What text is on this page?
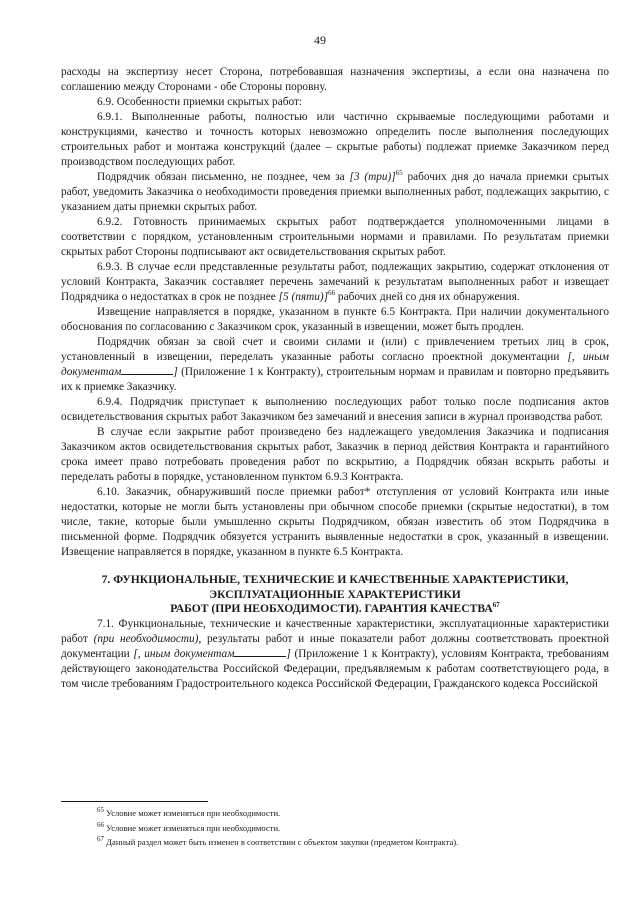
49

расходы на экспертизу несет Сторона, потребовавшая назначения экспертизы, а если она назначена по соглашению между Сторонами - обе Стороны поровну.

6.9. Особенности приемки скрытых работ:

6.9.1. Выполненные работы, полностью или частично скрываемые последующими работами и конструкциями, качество и точность которых невозможно определить после выполнения последующих строительных работ и монтажа конструкций (далее – скрытые работы) подлежат приемке Заказчиком перед производством последующих работ.

Подрядчик обязан письменно, не позднее, чем за [3 (три)]$^{65}$ рабочих дня до начала приемки срытых работ, уведомить Заказчика о необходимости проведения приемки выполненных работ, подлежащих закрытию, с указанием даты приемки скрытых работ.

6.9.2. Готовность принимаемых скрытых работ подтверждается уполномоченными лицами в соответствии с порядком, установленным строительными нормами и правилами. По результатам приемки скрытых работ Стороны подписывают акт освидетельствования скрытых работ.

6.9.3. В случае если представленные результаты работ, подлежащих закрытию, содержат отклонения от условий Контракта, Заказчик составляет перечень замечаний к результатам выполненных работ и извещает Подрядчика о недостатках в срок не позднее [5 (пяти)]$^{66}$ рабочих дней со дня их обнаружения.

Извещение направляется в порядке, указанном в пункте 6.5 Контракта. При наличии документального обоснования по согласованию с Заказчиком срок, указанный в извещении, может быть продлен.

Подрядчик обязан за свой счет и своими силами и (или) с привлечением третьих лиц в срок, установленный в извещении, переделать указанные работы согласно проектной документации [, иным документам	] (Приложение 1 к Контракту), строительным нормам и правилам и повторно предъявить их к приемке Заказчику.

6.9.4. Подрядчик приступает к выполнению последующих работ только после подписания актов освидетельствования скрытых работ Заказчиком без замечаний и внесения записи в журнал производства работ.

В случае если закрытие работ произведено без надлежащего уведомления Заказчика и подписания Заказчиком актов освидетельствования скрытых работ, Заказчик в период действия Контракта и гарантийного срока имеет право потребовать проведения работ по вскрытию, а Подрядчик обязан вскрыть работы и переделать работы в порядке, установленном пунктом 6.9.3 Контракта.

6.10. Заказчик, обнаруживший после приемки работ* отступления от условий Контракта или иные недостатки, которые не могли быть установлены при обычном способе приемки (скрытые недостатки), в том числе, такие, которые были умышленно скрыты Подрядчиком, обязан известить об этом Подрядчика в письменной форме. Подрядчик обязуется устранить выявленные недостатки в срок, указанный в извещении. Извещение направляется в порядке, указанном в пункте 6.5 Контракта.

7. ФУНКЦИОНАЛЬНЫЕ, ТЕХНИЧЕСКИЕ И КАЧЕСТВЕННЫЕ ХАРАКТЕРИСТИКИ,
ЭКСПЛУАТАЦИОННЫЕ ХАРАКТЕРИСТИКИ
РАБОТ (ПРИ НЕОБХОДИМОСТИ). ГАРАНТИЯ КАЧЕСТВА$^{67}$

7.1. Функциональные, технические и качественные характеристики, эксплуатационные характеристики работ (при необходимости), результаты работ и иные показатели работ должны соответствовать проектной документации [, иным документам	] (Приложение 1 к Контракту), условиям Контракта, требованиям действующего законодательства Российской Федерации, предъявляемым к работам соответствующего рода, в том числе требованиям Градостроительного кодекса Российской Федерации, Гражданского кодекса Российской

$^{65}$ Условие может изменяться при необходимости.

$^{66}$ Условие может изменяться при необходимости.

$^{67}$ Данный раздел может быть изменен в соответствии с объектом закупки (предметом Контракта).
